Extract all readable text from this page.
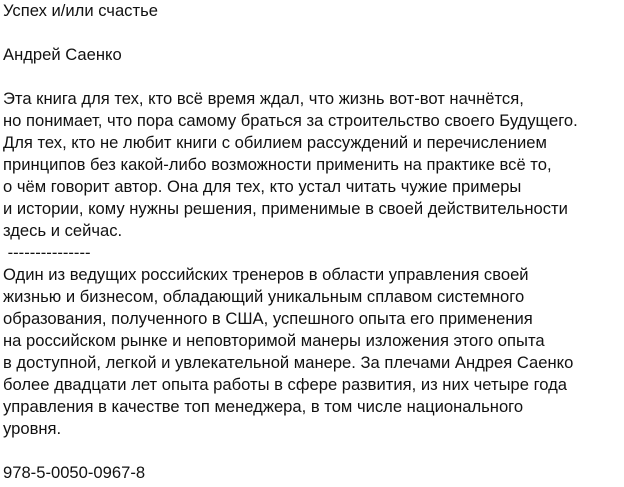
Успех и/или счастье
Андрей Саенко
Эта книга для тех, кто всё время ждал, что жизнь вот-вот начнётся,
но понимает, что пора самому браться за строительство своего Будущего.
Для тех, кто не любит книги с обилием рассуждений и перечислением
принципов без какой-либо возможности применить на практике всё то,
о чём говорит автор. Она для тех, кто устал читать чужие примеры
и истории, кому нужны решения, применимые в своей действительности
здесь и сейчас.
---------------
Один из ведущих российских тренеров в области управления своей
жизнью и бизнесом, обладающий уникальным сплавом системного
образования, полученного в США, успешного опыта его применения
на российском рынке и неповторимой манеры изложения этого опыта
в доступной, легкой и увлекательной манере. За плечами Андрея Саенко
более двадцати лет опыта работы в сфере развития, из них четыре года
управления в качестве топ менеджера, в том числе национального
уровня.
978-5-0050-0967-8
